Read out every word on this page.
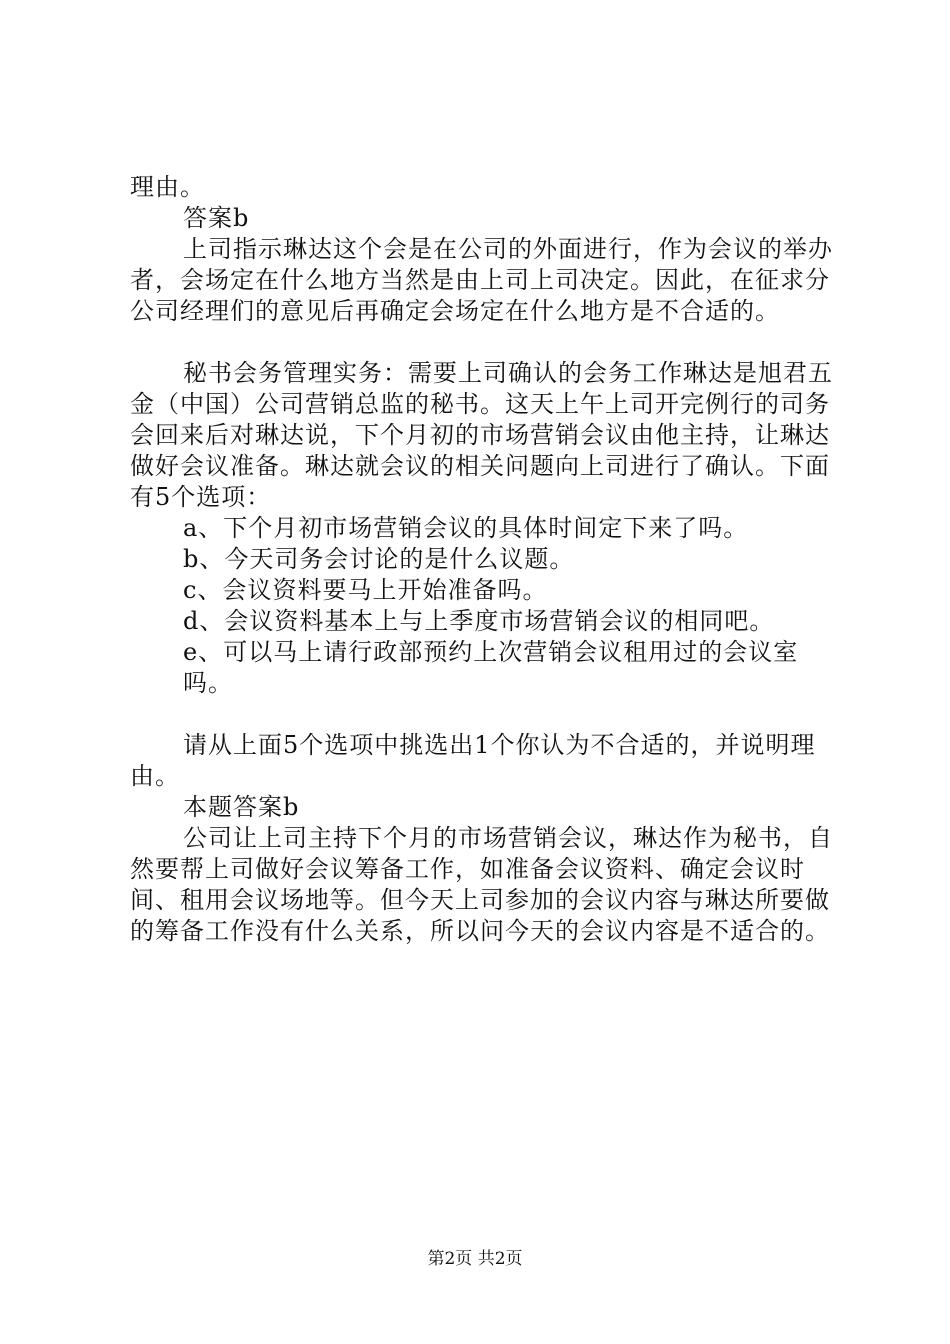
理由。

答案b

上司指示琳达这个会是在公司的外面进行，作为会议的举办者，会场定在什么地方当然是由上司上司决定。因此，在征求分公司经理们的意见后再确定会场定在什么地方是不合适的。

秘书会务管理实务：需要上司确认的会务工作琳达是旭君五金（中国）公司营销总监的秘书。这天上午上司开完例行的司务会回来后对琳达说，下个月初的市场营销会议由他主持，让琳达做好会议准备。琳达就会议的相关问题向上司进行了确认。下面有5个选项：

a、下个月初市场营销会议的具体时间定下来了吗。

b、今天司务会讨论的是什么议题。

c、会议资料要马上开始准备吗。

d、会议资料基本上与上季度市场营销会议的相同吧。

e、可以马上请行政部预约上次营销会议租用过的会议室吗。

请从上面5个选项中挑选出1个你认为不合适的，并说明理由。

本题答案b

公司让上司主持下个月的市场营销会议，琳达作为秘书，自然要帮上司做好会议筹备工作，如准备会议资料、确定会议时间、租用会议场地等。但今天上司参加的会议内容与琳达所要做的筹备工作没有什么关系，所以问今天的会议内容是不适合的。

第2页 共2页
